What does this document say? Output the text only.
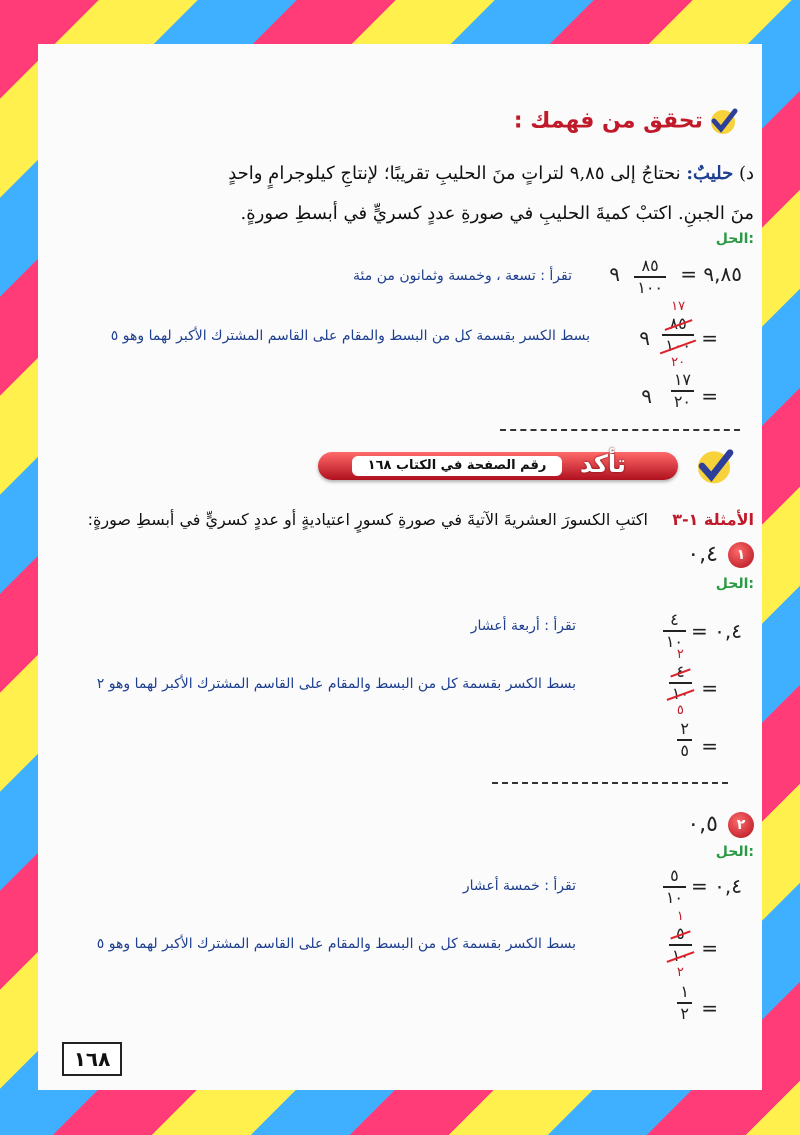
تحقق من فهمك :
د) حليبٌ: نحتاجُ إلى ٩,٨٥ لتراتٍ منَ الحليبِ تقريبًا؛ لإنتاجِ كيلوجرامٍ واحدٍ
منَ الجبنِ. اكتبْ كميةَ الحليبِ في صورةِ عددٍ كسريٍّ في أبسطِ صورةٍ.
الحل:
٩,٨٥ =
٨٥
١٠٠
٩
تقرأ : تسعة ، وخمسة وثمانون من مئة
=
١٧
٨٥
١٠٠
٢٠
٩
بسط الكسر بقسمة كل من البسط والمقام على القاسم المشترك الأكبر لهما وهو ٥
=
١٧
٢٠
٩
رقم الصفحة في الكتاب ١٦٨	تأكد
الأمثلة ١-٣  اكتبِ الكسورَ العشريةَ الآتيةَ في صورةِ كسورٍ اعتياديةٍ أو عددٍ كسريٍّ في أبسطِ صورةٍ:
١
٠,٤
الحل:
٠,٤ =
٤
١٠
تقرأ : أربعة أعشار
=
٢
٤
١٠
٥
بسط الكسر بقسمة كل من البسط والمقام على القاسم المشترك الأكبر لهما وهو ٢
=
٢
٥
٢
٠,٥
الحل:
٠,٤ =
٥
١٠
تقرأ : خمسة أعشار
=
١
٥
١٠
٢
بسط الكسر بقسمة كل من البسط والمقام على القاسم المشترك الأكبر لهما وهو ٥
=
١
٢
١٦٨
